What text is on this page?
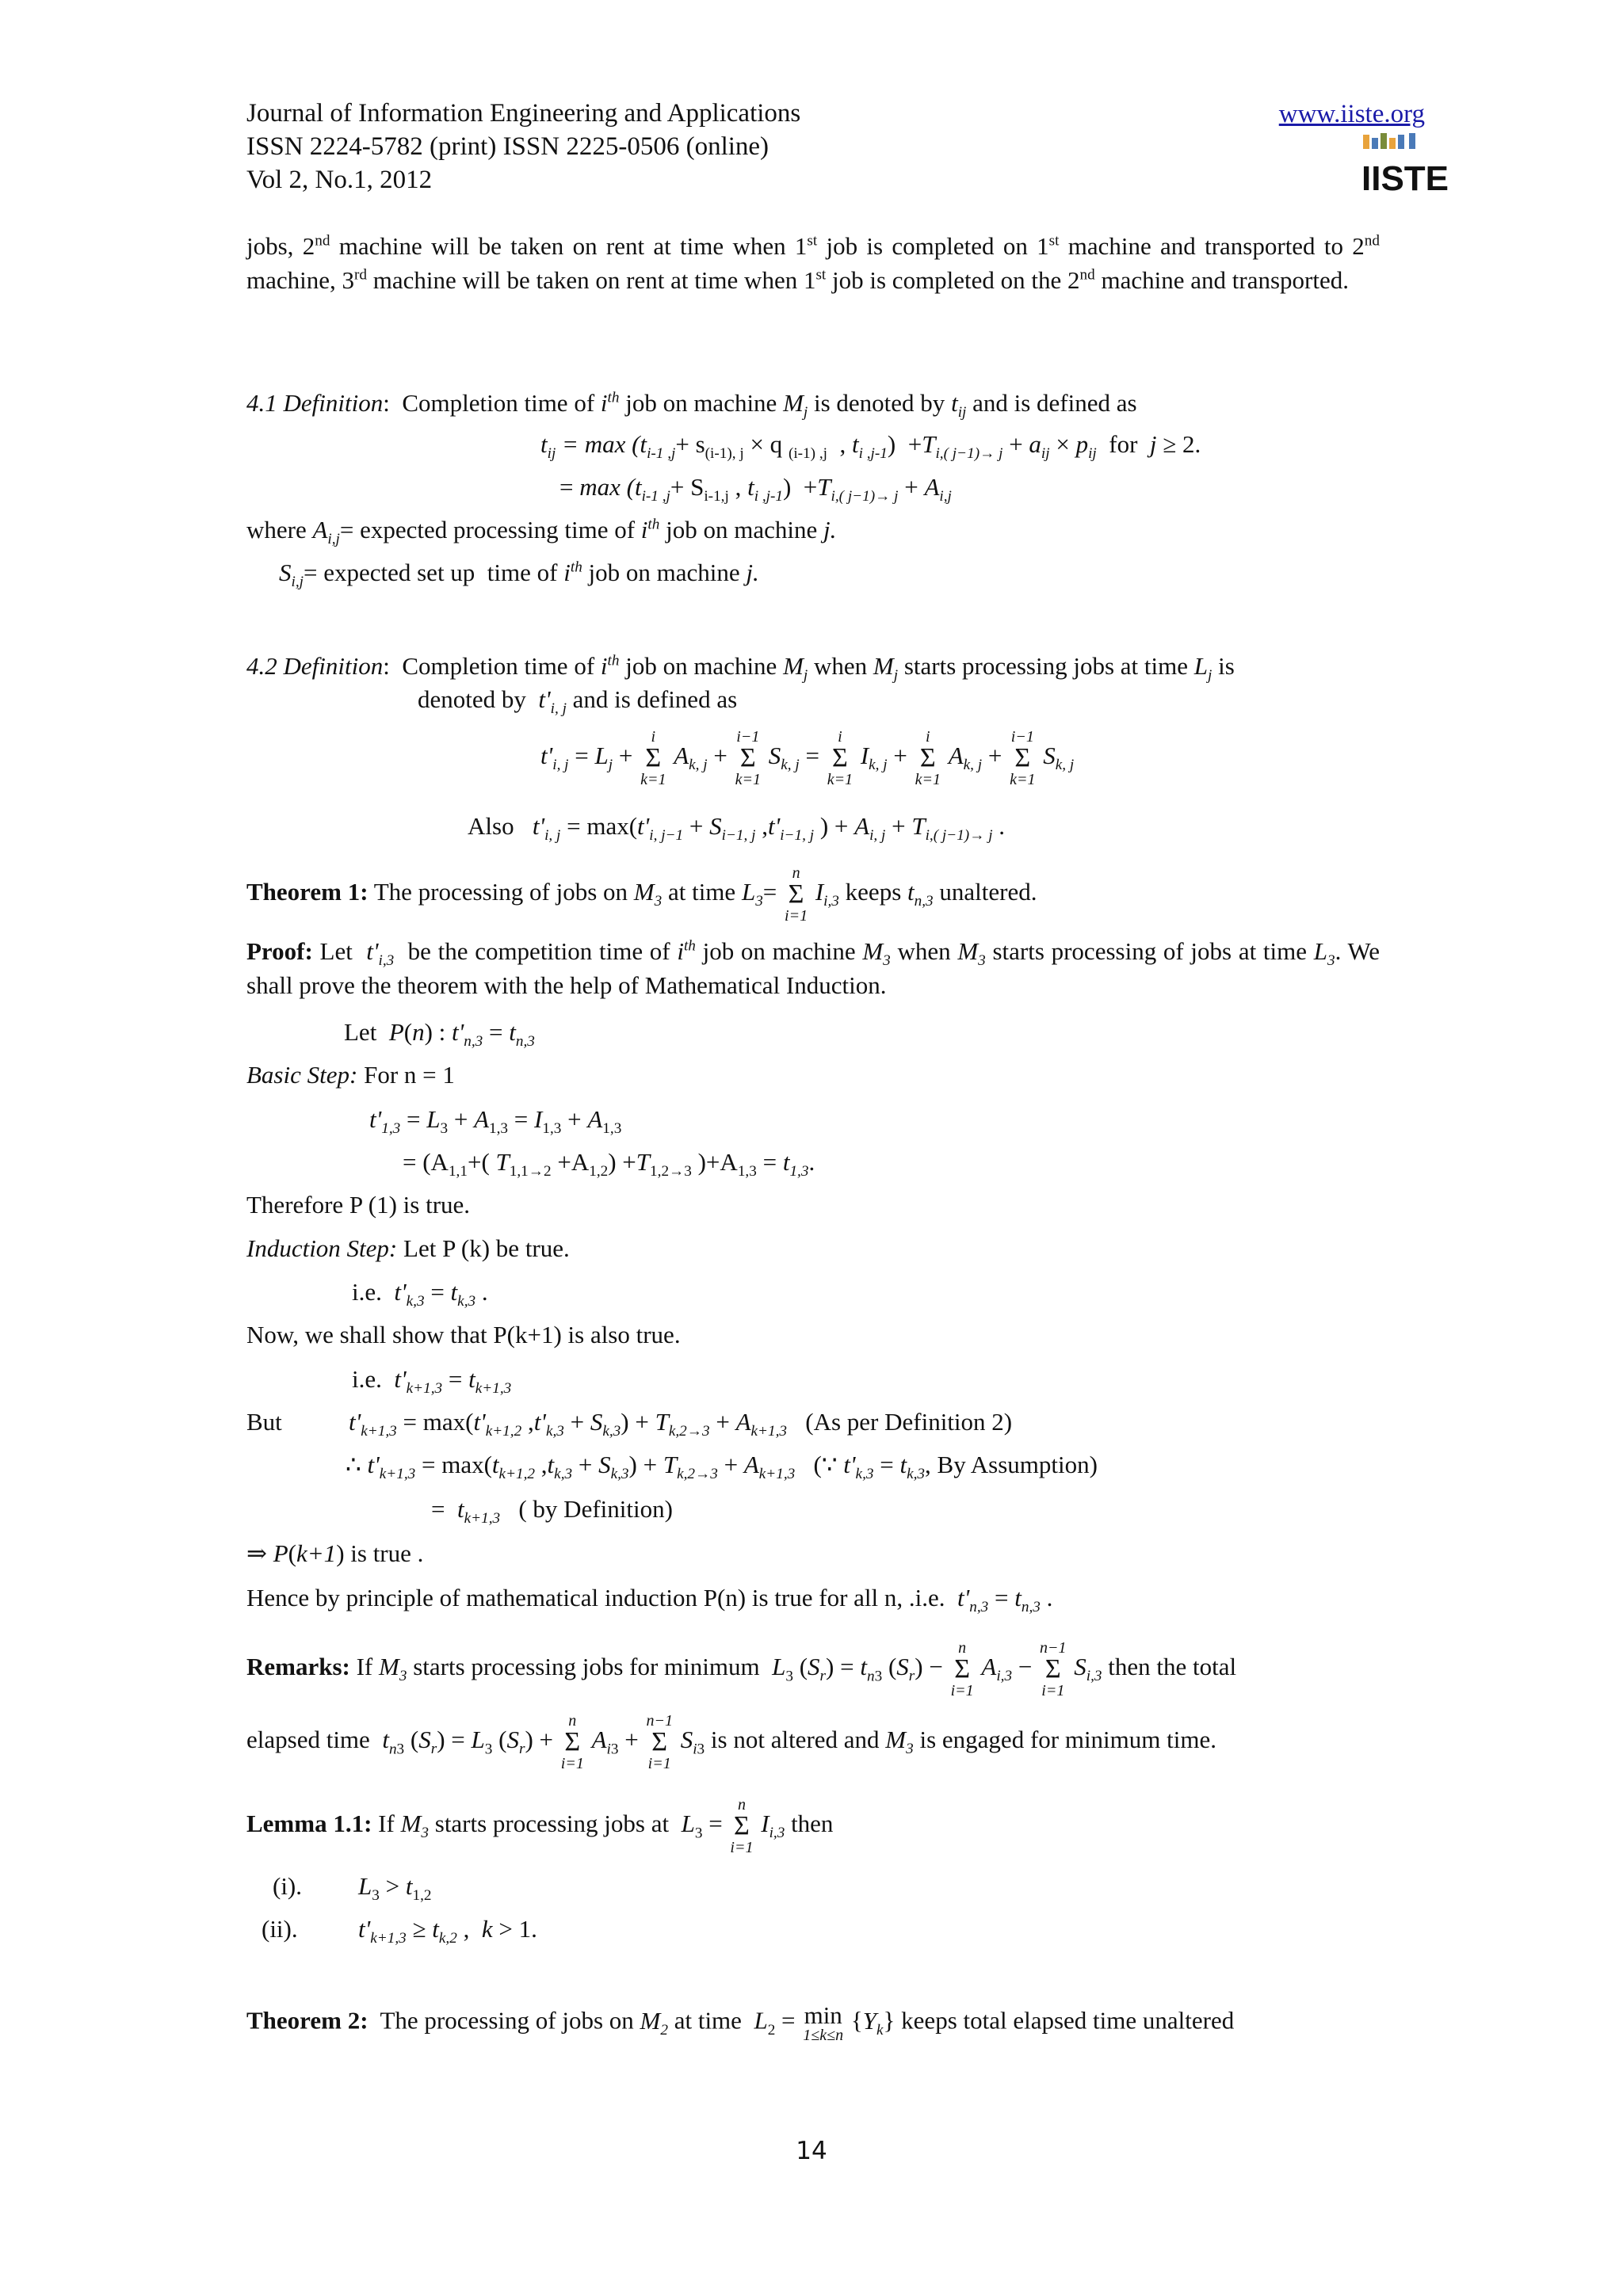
Journal of Information Engineering and Applications
ISSN 2224-5782 (print) ISSN 2225-0506 (online)
Vol 2, No.1, 2012
www.iiste.org
IISTE
jobs, 2nd machine will be taken on rent at time when 1st job is completed on 1st machine and transported to 2nd machine, 3rd machine will be taken on rent at time when 1st job is completed on the 2nd machine and transported.
4.1 Definition:  Completion time of $i^{th}$ job on machine $M_j$ is denoted by $t_{ij}$ and is defined as
$t_{ij} = \max (t_{i-1 ,j}+ s_{(i-1), j} \times q$ $_{(i-1) ,j}$  , $t_{i ,j-1}) +T_{i,( j-1)\to j} + a_{ij} \times p_{ij}$  for  j ≥ 2.
= $\max (t_{i-1 ,j}+ S_{i-1,j}$ , $t_{i ,j-1}) +T_{i,( j-1)\to j} + A_{i,j}$
where $A_{i,j}=$ expected processing time of $i^{th}$ job on machine j.
$S_{i,j}=$ expected set up  time of $i^{th}$ job on machine j.
4.2 Definition:  Completion time of $i^{th}$ job on machine $M_j$ when $M_j$ starts processing jobs at time $L_j$ is
denoted by  $t'_{i, j}$ and is defined as
$t'_{i, j} = L_j$ +
i
Σ
k=1
$A_{k, j}$ +
i−1
Σ
k=1
$S_{k, j}$ =
i
Σ
k=1
$I_{k, j}$ +
i
Σ
k=1
$A_{k, j}$ +
i−1
Σ
k=1
$S_{k, j}$
Also $t'_{i, j} = \max(t'_{i, j-1} + S_{i-1, j}$ $,t'_{i-1, j}$ ) + $A_{i, j} + T_{i,( j-1)\to j}$ .
Theorem 1: The processing of jobs on $M_3$ at time $L_3=$
n
Σ
i=1
$I_{i,3}$ keeps $t_{n,3}$ unaltered.
Proof: Let  $t'_{i,3}$  be the competition time of $i^{th}$ job on machine $M_3$ when $M_3$ starts processing of jobs at time $L_3$. We shall prove the theorem with the help of Mathematical Induction.
Let  P(n) : $t'_{n,3} = t_{n,3}$
Basic Step: For n = 1
$t'_{1,3} = L_3 + A_{1,3} = I_{1,3} + A_{1,3}$
= ($A_{1,1}+$( $T_{1,1\to 2} +A_{1,2}) +T_{1,2\to 3}$ )$+A_{1,3} = t_{1,3}$.
Therefore P (1) is true.
Induction Step: Let P (k) be true.
i.e.  $t'_{k,3} = t_{k,3}$ .
Now, we shall show that P(k+1) is also true.
i.e.  $t'_{k+1,3} = t_{k+1,3}$
But	$t'_{k+1,3} = \max(t'_{k+1,2}$ $,t'_{k,3} + S_{k,3}) + T_{k,2\to 3} + A_{k+1,3}$ (As per Definition 2)
∴ $t'_{k+1,3} = \max(t_{k+1,2}$ $,t_{k,3} + S_{k,3}) + T_{k,2\to 3} + A_{k+1,3}$   (∵ $t'_{k,3} = t_{k,3}$, By Assumption)
=  $t_{k+1,3}$ ( by Definition)
⇒ P(k+1) is true .
Hence by principle of mathematical induction P(n) is true for all n, .i.e. $t'_{n,3} = t_{n,3}$ .
Remarks: If $M_3$ starts processing jobs for minimum  $L_3$ $(S_r) = t_{n3}$ $(S_r)$ −
n
Σ
i=1
$A_{i,3}$ −
n−1
Σ
i=1
$S_{i,3}$ then the total
elapsed time  $t_{n3}$ $(S_r) = L_3$ $(S_r)$ +
n
Σ
i=1
$A_{i3}$ +
n−1
Σ
i=1
$S_{i3}$ is not altered and $M_3$ is engaged for minimum time.
Lemma 1.1: If $M_3$ starts processing jobs at  $L_3$ =
n
Σ
i=1
$I_{i,3}$ then
(i). $L_3 > t_{1,2}$
(ii). $t'_{k+1,3} \ge t_{k,2}$ ,  k > 1.
Theorem 2:  The processing of jobs on $M_2$ at time  $L_2 = \min$
1≤k≤n
$\{Y_k\}$ keeps total elapsed time unaltered
14
